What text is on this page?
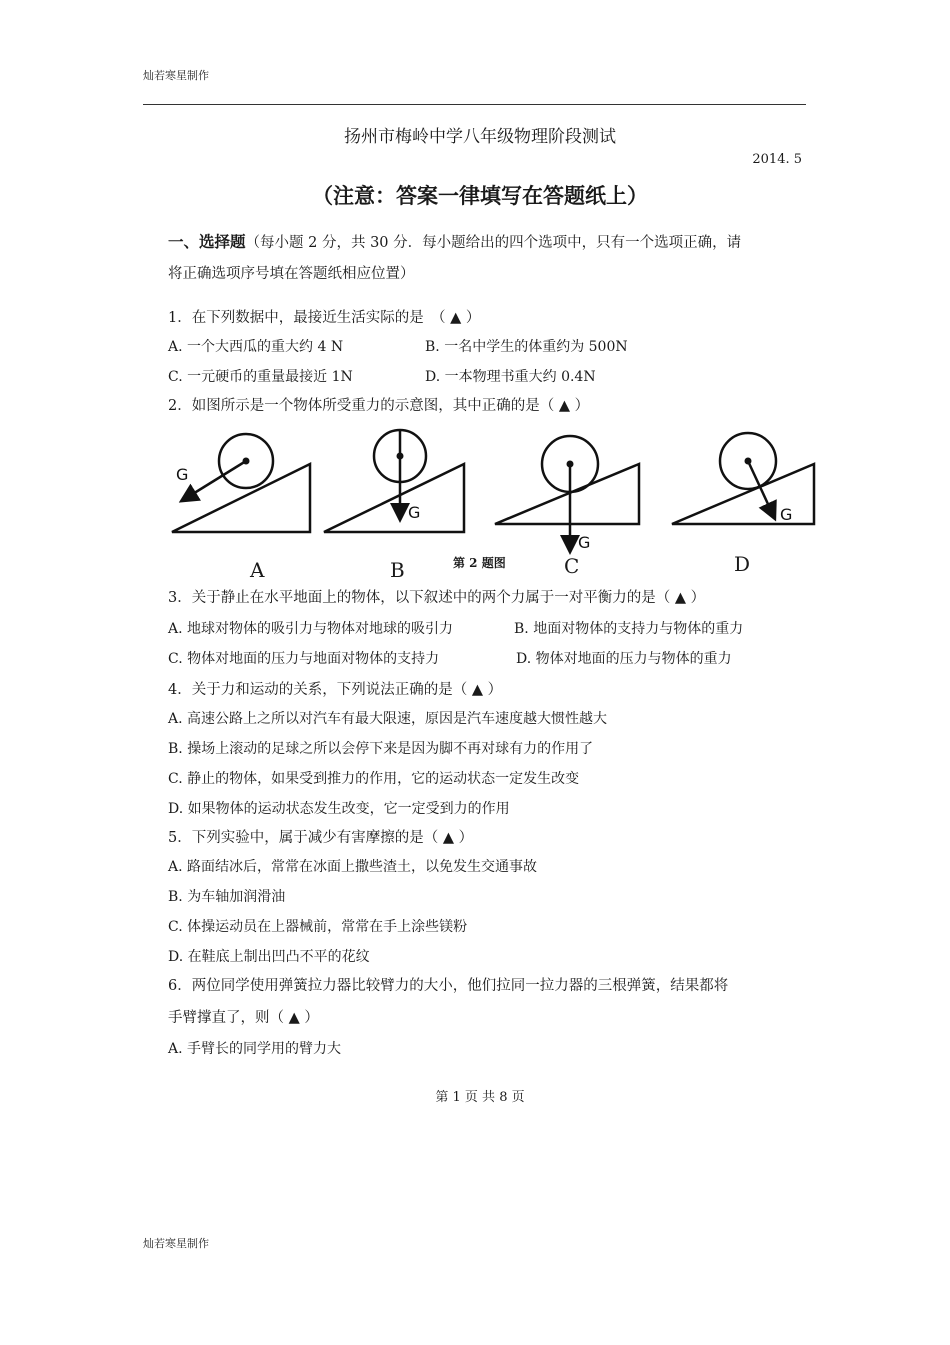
灿若寒星制作
扬州市梅岭中学八年级物理阶段测试
2014. 5
（注意：答案一律填写在答题纸上）
一、选择题（每小题 2 分，共 30 分．每小题给出的四个选项中，只有一个选项正确，请
将正确选项序号填在答题纸相应位置）
1．在下列数据中，最接近生活实际的是　（ ▲ ）
A. 一个大西瓜的重大约 4 N	B. 一名中学生的体重约为 500N
C. 一元硬币的重量最接近 1N	D. 一本物理书重大约 0.4N
2．如图所示是一个物体所受重力的示意图，其中正确的是（ ▲ ）
G
G
G
G
第 2 题图
A	B	C	D
3．关于静止在水平地面上的物体，以下叙述中的两个力属于一对平衡力的是（ ▲ ）
A. 地球对物体的吸引力与物体对地球的吸引力	B. 地面对物体的支持力与物体的重力
C. 物体对地面的压力与地面对物体的支持力	D. 物体对地面的压力与物体的重力
4．关于力和运动的关系，下列说法正确的是（ ▲ ）
A. 高速公路上之所以对汽车有最大限速，原因是汽车速度越大惯性越大
B. 操场上滚动的足球之所以会停下来是因为脚不再对球有力的作用了
C. 静止的物体，如果受到推力的作用，它的运动状态一定发生改变
D. 如果物体的运动状态发生改变，它一定受到力的作用
5．下列实验中，属于减少有害摩擦的是（ ▲ ）
A. 路面结冰后，常常在冰面上撒些渣土，以免发生交通事故
B. 为车轴加润滑油
C. 体操运动员在上器械前，常常在手上涂些镁粉
D. 在鞋底上制出凹凸不平的花纹
6．两位同学使用弹簧拉力器比较臂力的大小，他们拉同一拉力器的三根弹簧，结果都将
手臂撑直了，则（ ▲ ）
A. 手臂长的同学用的臂力大
第 1 页 共 8 页
灿若寒星制作
